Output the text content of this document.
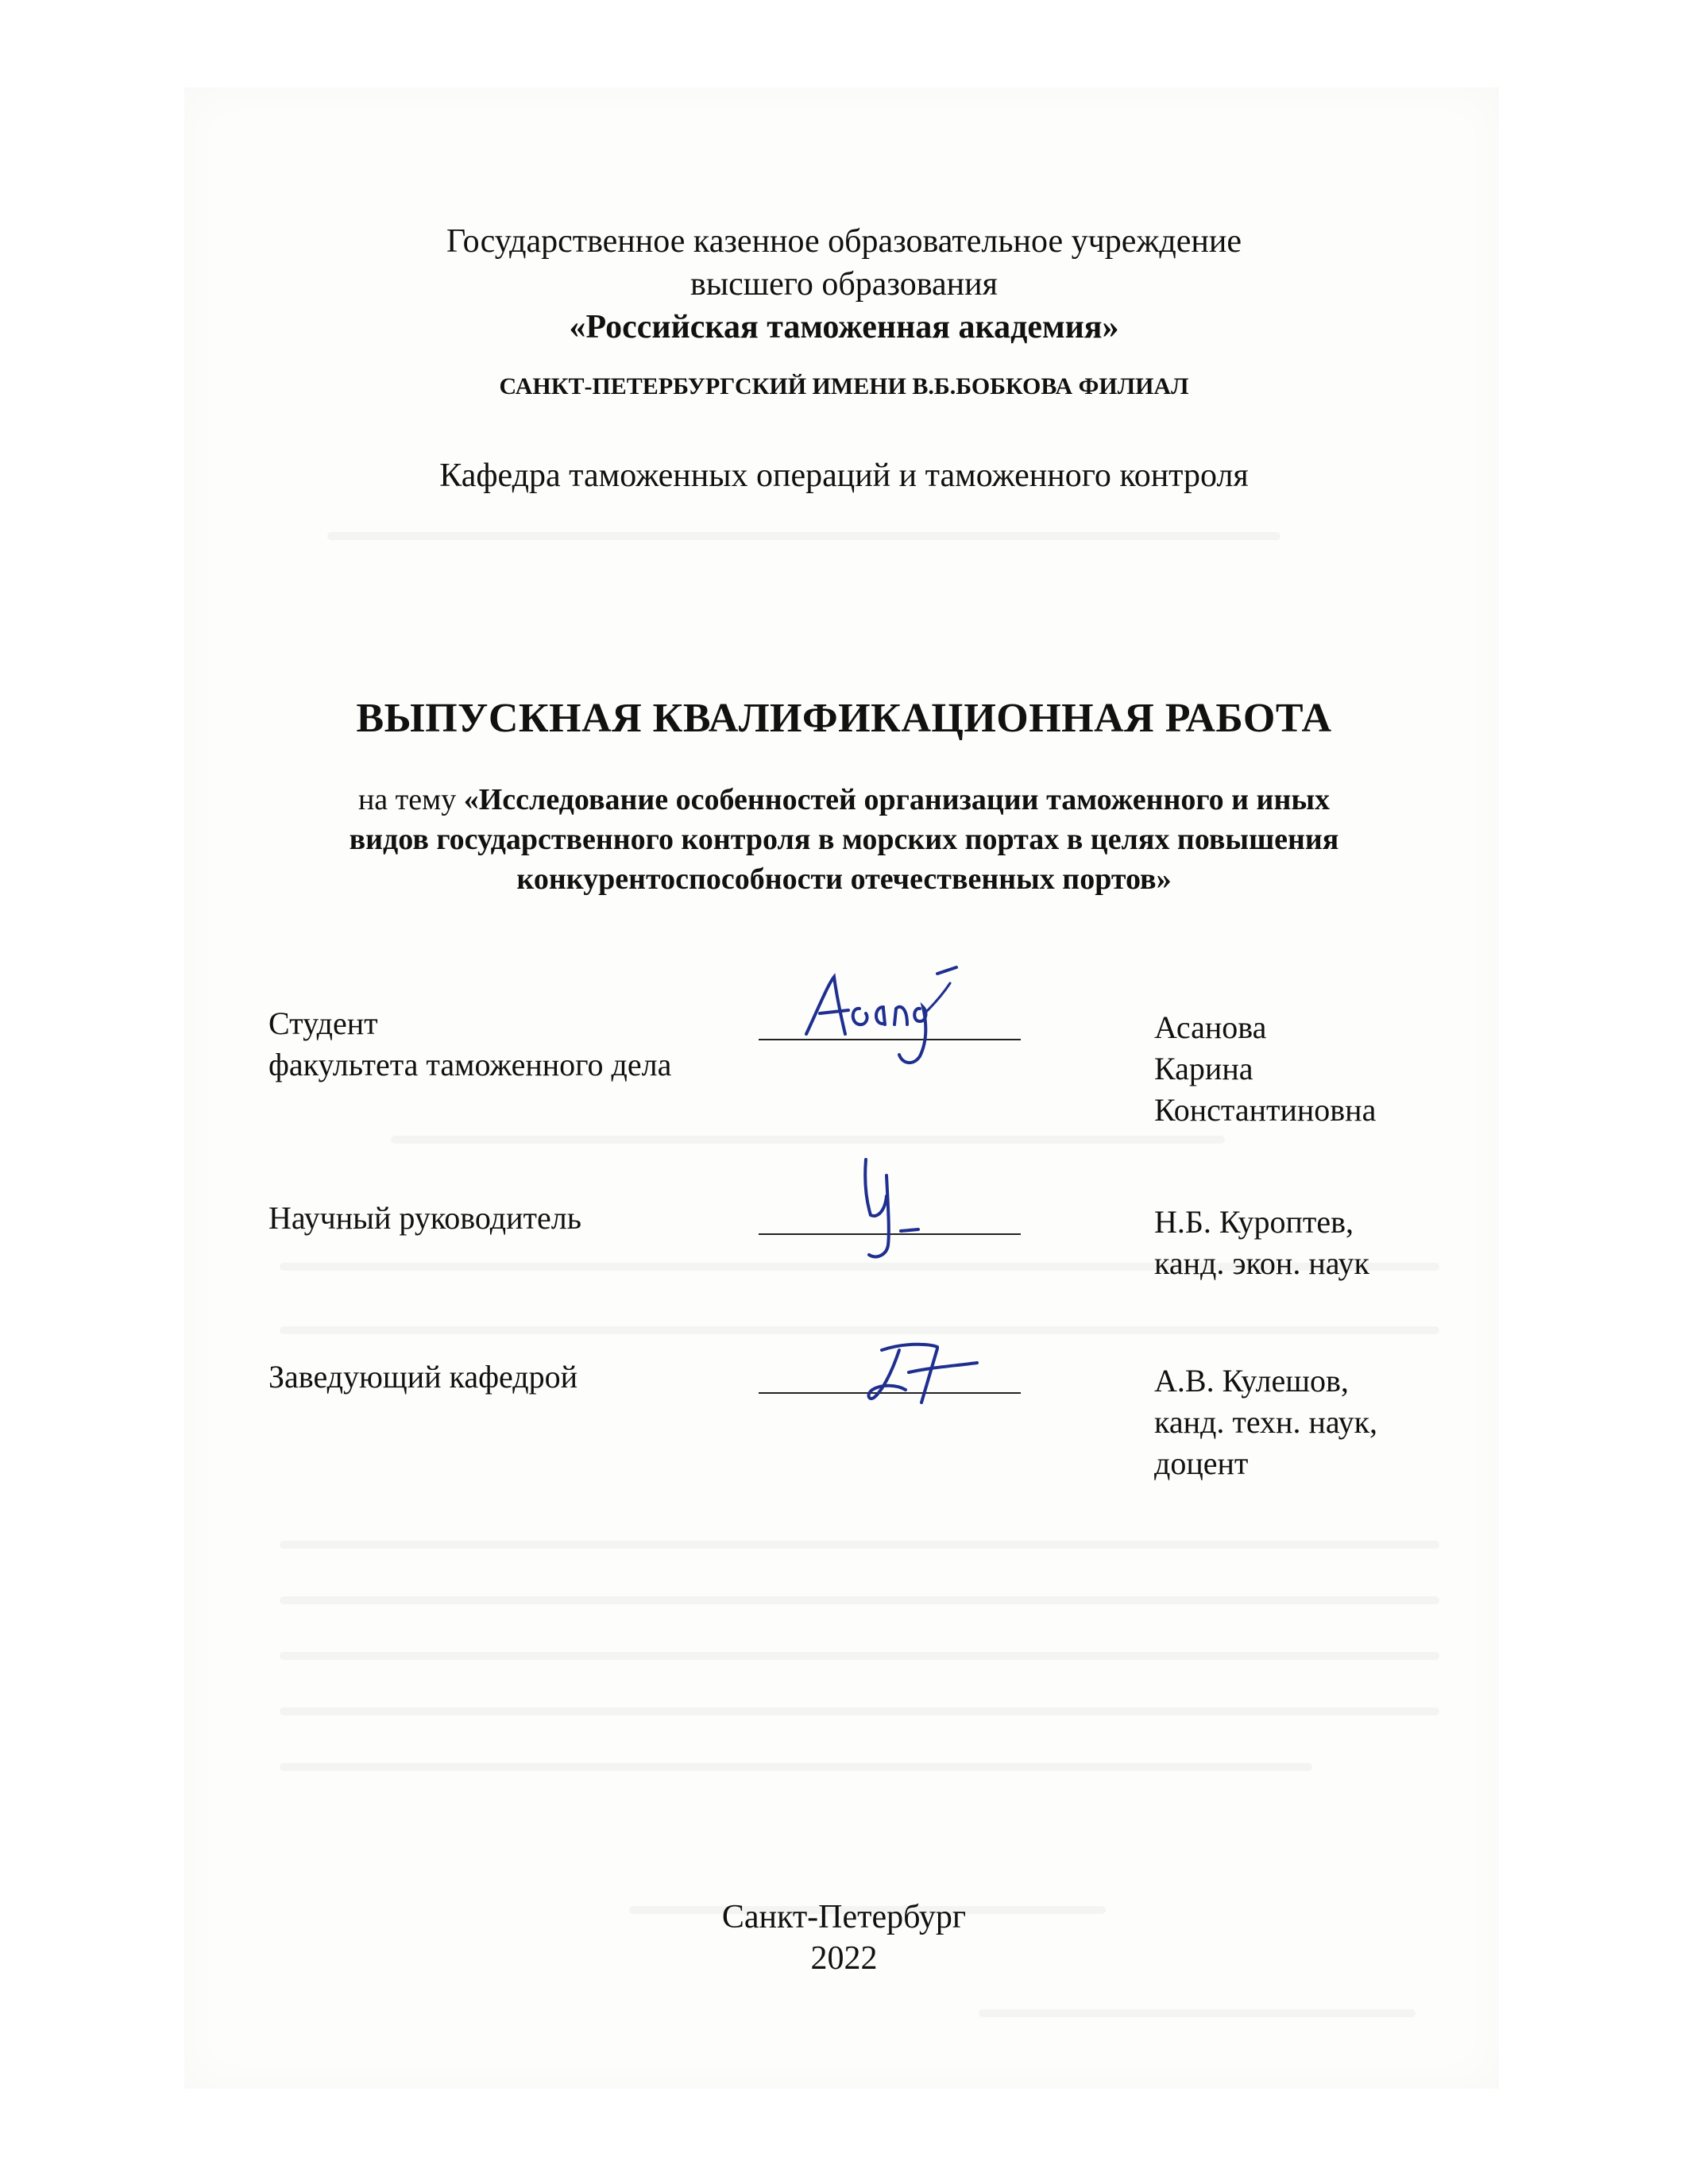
Государственное казенное образовательное учреждение
высшего образования
«Российская таможенная академия»
САНКТ-ПЕТЕРБУРГСКИЙ ИМЕНИ В.Б.БОБКОВА ФИЛИАЛ
Кафедра таможенных операций и таможенного контроля
ВЫПУСКНАЯ КВАЛИФИКАЦИОННАЯ РАБОТА
на тему «Исследование особенностей организации таможенного и иных
видов государственного контроля в морских портах в целях повышения
конкурентоспособности отечественных портов»
Студент
факультета таможенного дела
Асанова
Карина
Константиновна
Научный руководитель	Н.Б. Куроптев,
канд. экон. наук
Заведующий кафедрой	А.В. Кулешов,
канд. техн. наук,
доцент
Санкт-Петербург
2022
